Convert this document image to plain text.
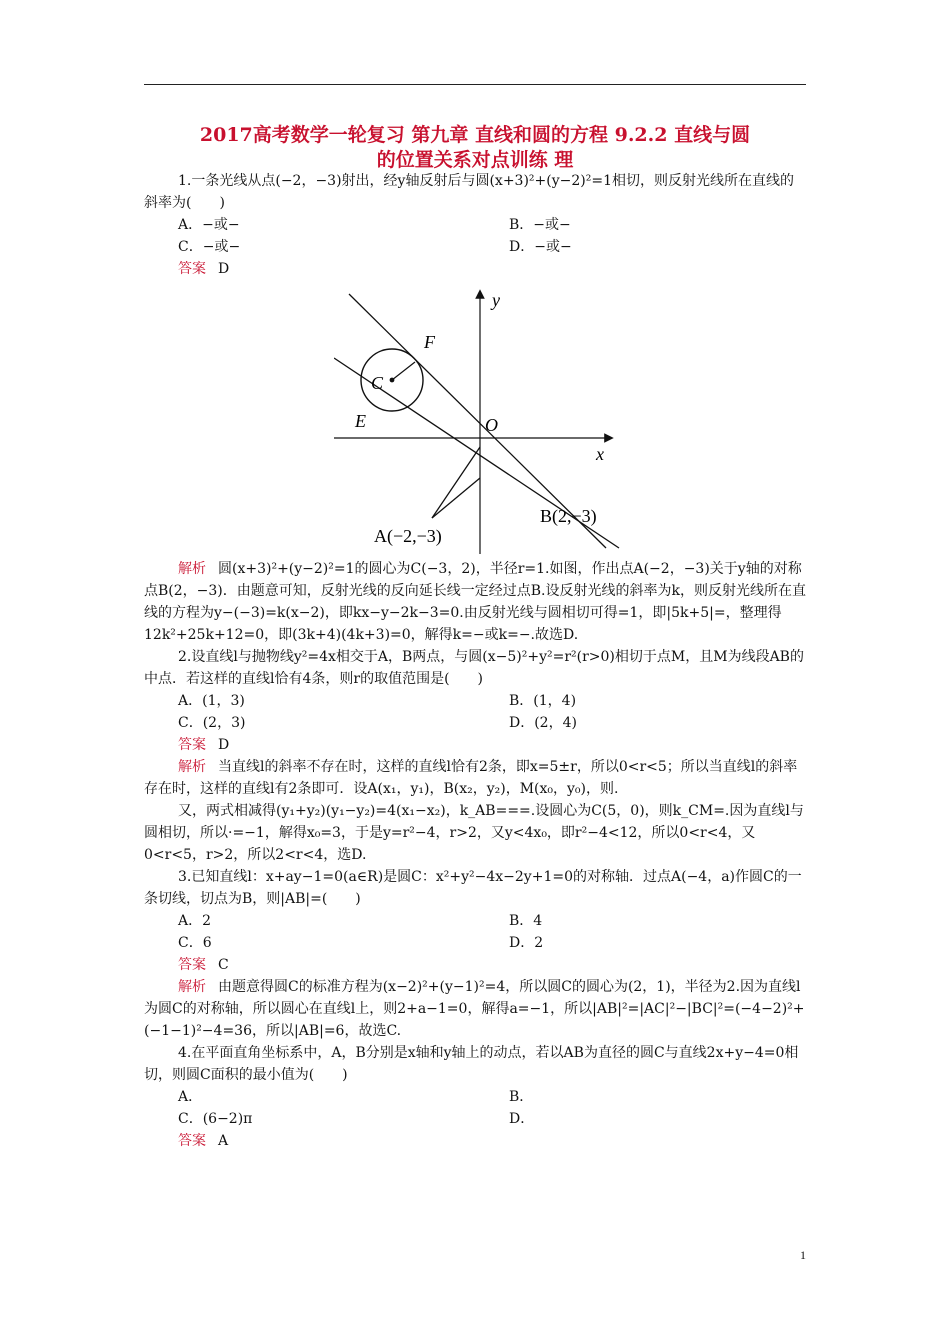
2017高考数学一轮复习 第九章 直线和圆的方程 9.2.2 直线与圆
的位置关系对点训练 理

1.一条光线从点(−2，−3)射出，经y轴反射后与圆(x+3)²+(y−2)²=1相切，则反射光线所在直线的斜率为(　　)

A．−或−	B．−或−
C．−或−	D．−或−

答案 D

y
F
C
E	O
x
B(2,−3)
A(−2,−3)

解析 圆(x+3)²+(y−2)²=1的圆心为C(−3，2)，半径r=1.如图，作出点A(−2，−3)关于y轴的对称点B(2，−3)．由题意可知，反射光线的反向延长线一定经过点B.设反射光线的斜率为k，则反射光线所在直线的方程为y−(−3)=k(x−2)，即kx−y−2k−3=0.由反射光线与圆相切可得=1，即|5k+5|=，整理得12k²+25k+12=0，即(3k+4)(4k+3)=0，解得k=−或k=−.故选D.

2.设直线l与抛物线y²=4x相交于A，B两点，与圆(x−5)²+y²=r²(r>0)相切于点M，且M为线段AB的中点．若这样的直线l恰有4条，则r的取值范围是(　　)

A．(1，3)	B．(1，4)
C．(2，3)	D．(2，4)

答案 D

解析 当直线l的斜率不存在时，这样的直线l恰有2条，即x=5±r，所以0<r<5；所以当直线l的斜率存在时，这样的直线l有2条即可．设A(x₁，y₁)，B(x₂，y₂)，M(x₀，y₀)，则.

又，两式相减得(y₁+y₂)(y₁−y₂)=4(x₁−x₂)，k_AB===.设圆心为C(5，0)，则k_CM=.因为直线l与圆相切，所以·=−1，解得x₀=3，于是y=r²−4，r>2，又y<4x₀，即r²−4<12，所以0<r<4，又0<r<5，r>2，所以2<r<4，选D.

3.已知直线l：x+ay−1=0(a∈R)是圆C：x²+y²−4x−2y+1=0的对称轴．过点A(−4，a)作圆C的一条切线，切点为B，则|AB|=(　　)

A．2	B．4
C．6	D．2

答案 C

解析 由题意得圆C的标准方程为(x−2)²+(y−1)²=4，所以圆C的圆心为(2，1)，半径为2.因为直线l为圆C的对称轴，所以圆心在直线l上，则2+a−1=0，解得a=−1，所以|AB|²=|AC|²−|BC|²=(−4−2)²+(−1−1)²−4=36，所以|AB|=6，故选C.

4.在平面直角坐标系中，A，B分别是x轴和y轴上的动点，若以AB为直径的圆C与直线2x+y−4=0相切，则圆C面积的最小值为(　　)

A．	B．
C．(6−2)π	D．

答案 A

1
